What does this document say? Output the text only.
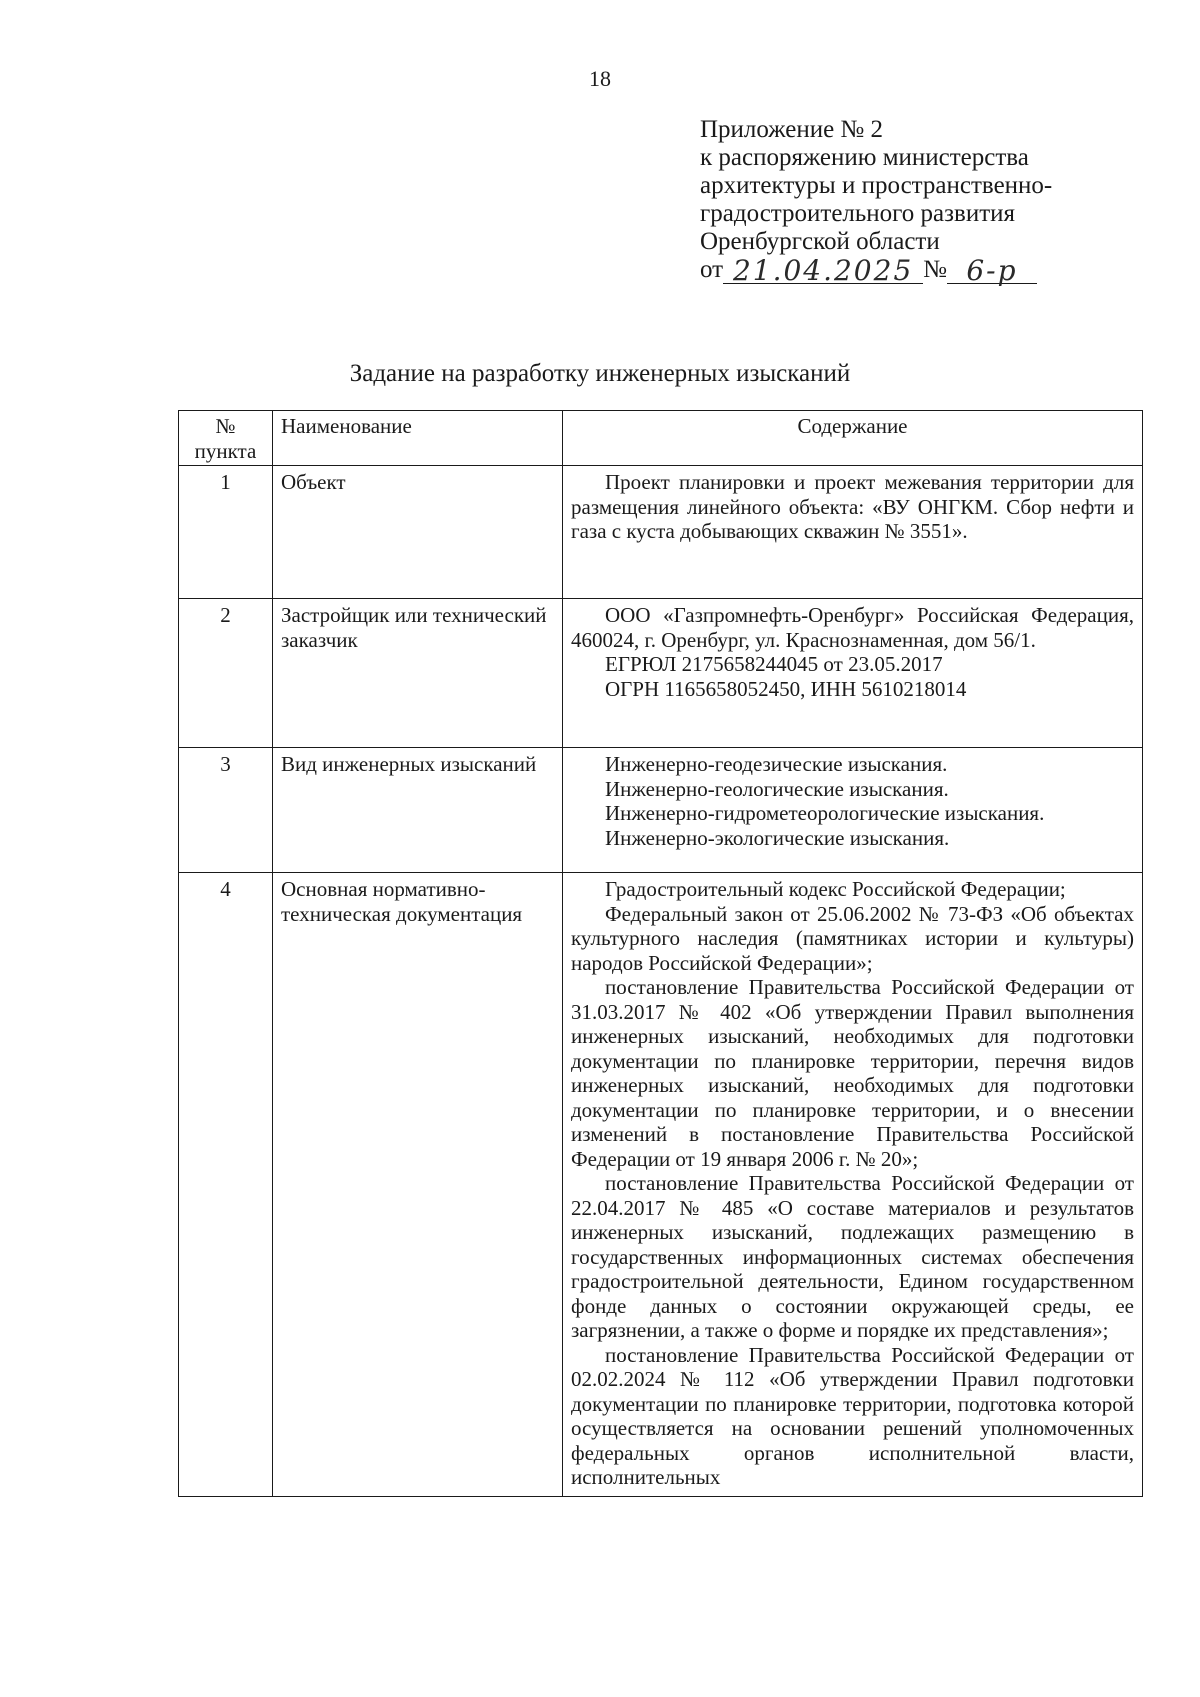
18
Приложение № 2
к распоряжению министерства
архитектуры и пространственно-
градостроительного развития
Оренбургской области
от 21.04.2025 № 6-р
Задание на разработку инженерных изысканий
№ пункта	Наименование	Содержание
1	Объект	Проект планировки и проект межевания территории для размещения линейного объекта: «ВУ ОНГКМ. Сбор нефти и газа с куста добывающих скважин № 3551».

2	Застройщик или технический заказчик	ООО «Газпромнефть-Оренбург» Российская Федерация, 460024, г. Оренбург, ул. Краснознаменная, дом 56/1.

ЕГРЮЛ 2175658244045 от 23.05.2017

ОГРН 1165658052450, ИНН 5610218014

3	Вид инженерных изысканий	Инженерно-геодезические изыскания.

Инженерно-геологические изыскания.

Инженерно-гидрометеорологические изыскания.

Инженерно-экологические изыскания.

4	Основная нормативно-техническая документация	Градостроительный кодекс Российской Федерации;

Федеральный закон от 25.06.2002 № 73-ФЗ «Об объектах культурного наследия (памятниках истории и культуры) народов Российской Федерации»;

постановление Правительства Российской Федерации от 31.03.2017 № 402 «Об утверждении Правил выполнения инженерных изысканий, необходимых для подготовки документации по планировке территории, перечня видов инженерных изысканий, необходимых для подготовки документации по планировке территории, и о внесении изменений в постановление Правительства Российской Федерации от 19 января 2006 г. № 20»;

постановление Правительства Российской Федерации от 22.04.2017 № 485 «О составе материалов и результатов инженерных изысканий, подлежащих размещению в государственных информационных системах обеспечения градостроительной деятельности, Едином государственном фонде данных о состоянии окружающей среды, ее загрязнении, а также о форме и порядке их представления»;

постановление Правительства Российской Федерации от 02.02.2024 № 112 «Об утверждении Правил подготовки документации по планировке территории, подготовка которой осуществляется на основании решений уполномоченных федеральных органов исполнительной власти, исполнительных
